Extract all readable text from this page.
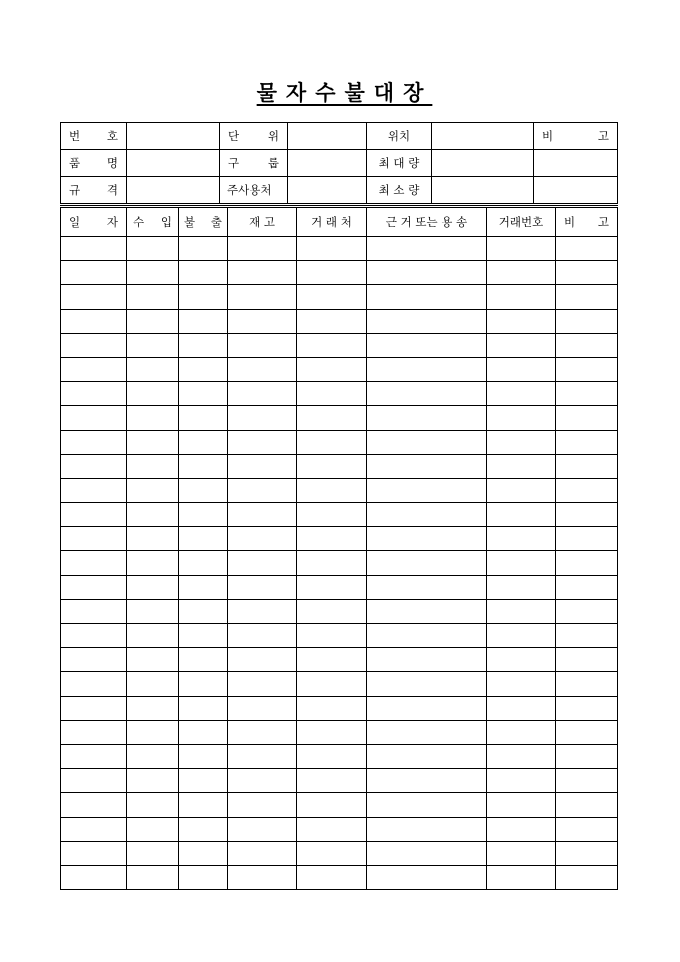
물자수불대장
번 호		단 위		위치		비 고
품 명		구 룹		최 대 량		
규 격		주사용처		최 소 량		
일 자	수 입	불 출	재 고	거 래 처	근 거 또는 용 송	거래번호	비 고
